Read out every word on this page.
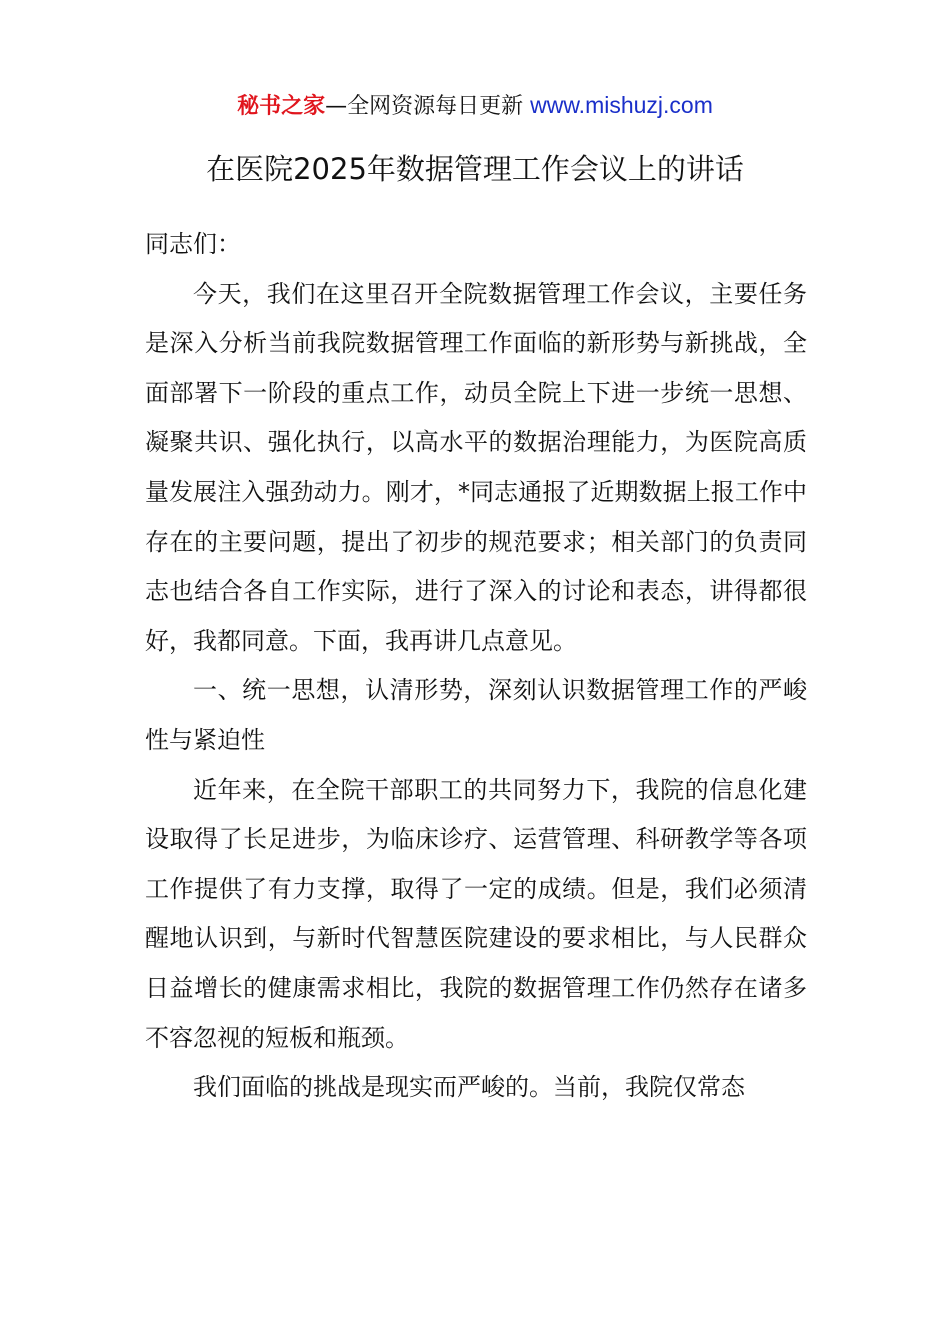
秘书之家—全网资源每日更新 www.mishuzj.com
在医院2025年数据管理工作会议上的讲话

同志们：

今天，我们在这里召开全院数据管理工作会议，主要任务是深入分析当前我院数据管理工作面临的新形势与新挑战，全面部署下一阶段的重点工作，动员全院上下进一步统一思想、凝聚共识、强化执行，以高水平的数据治理能力，为医院高质量发展注入强劲动力。刚才，*同志通报了近期数据上报工作中存在的主要问题，提出了初步的规范要求；相关部门的负责同志也结合各自工作实际，进行了深入的讨论和表态，讲得都很好，我都同意。下面，我再讲几点意见。

一、统一思想，认清形势，深刻认识数据管理工作的严峻性与紧迫性

近年来，在全院干部职工的共同努力下，我院的信息化建设取得了长足进步，为临床诊疗、运营管理、科研教学等各项工作提供了有力支撑，取得了一定的成绩。但是，我们必须清醒地认识到，与新时代智慧医院建设的要求相比，与人民群众日益增长的健康需求相比，我院的数据管理工作仍然存在诸多不容忽视的短板和瓶颈。

我们面临的挑战是现实而严峻的。当前，我院仅常态
